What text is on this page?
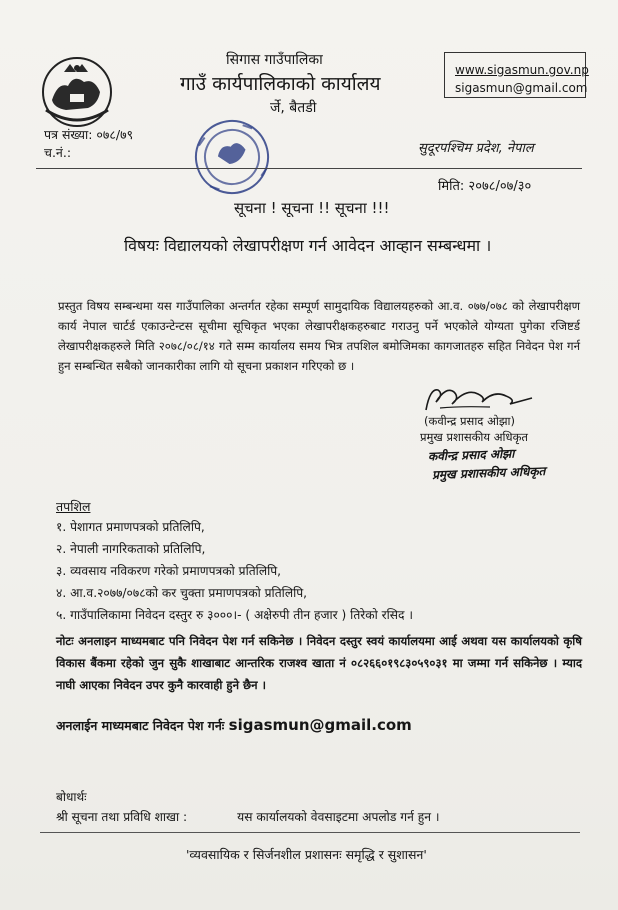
सिगास गाउँपालिका
गाउँ कार्यपालिकाको कार्यालय
र्जे, बैतडी
www.sigasmun.gov.np
sigasmun@gmail.com
पत्र संख्या: ०७८/७९
च.नं.:	सुदूरपश्चिम प्रदेश, नेपाल
मिति: २०७८/०७/३०
सूचना ! सूचना !! सूचना !!!
विषयः विद्यालयको लेखापरीक्षण गर्न आवेदन आव्हान सम्बन्धमा ।
प्रस्तुत विषय सम्बन्धमा यस गाउँपालिका अन्तर्गत रहेका सम्पूर्ण सामुदायिक विद्यालयहरुको आ.व. ०७७/०७८ को लेखापरीक्षण कार्य नेपाल चार्टर्ड एकाउन्टेन्टस सूचीमा सूचिकृत भएका लेखापरीक्षकहरुबाट गराउनु पर्ने भएकोले योग्यता पुगेका रजिष्टर्ड लेखापरीक्षकहरुले मिति २०७८/०८/१४ गते सम्म कार्यालय समय भित्र तपशिल बमोजिमका कागजातहरु सहित निवेदन पेश गर्न हुन सम्बन्धित सबैको जानकारीका लागि यो सूचना प्रकाशन गरिएको छ ।
(कवीन्द्र प्रसाद ओझा)
प्रमुख प्रशासकीय अधिकृत
कवीन्द्र प्रसाद ओझा
प्रमुख प्रशासकीय अधिकृत
तपशिल
१. पेशागत प्रमाणपत्रको प्रतिलिपि,
२. नेपाली नागरिकताको प्रतिलिपि,
३. व्यवसाय नविकरण गरेको प्रमाणपत्रको प्रतिलिपि,
४. आ.व.२०७७/०७८को कर चुक्ता प्रमाणपत्रको प्रतिलिपि,
५. गाउँपालिकामा निवेदन दस्तुर रु ३०००।- ( अक्षेरुपी तीन हजार ) तिरेको रसिद ।
नोटः अनलाइन माध्यमबाट पनि निवेदन पेश गर्न सकिनेछ । निवेदन दस्तुर स्वयं कार्यालयमा आई अथवा यस कार्यालयको कृषि विकास बैंकमा रहेको जुन सुकै शाखाबाट आन्तरिक राजश्व खाता नं ०८२६६०१९८३०५९०३१ मा जम्मा गर्न सकिनेछ । म्याद नाघी आएका निवेदन उपर कुनै कारवाही हुने छैन ।
अनलाईन माध्यमबाट निवेदन पेश गर्नः sigasmun@gmail.com
बोधार्थः
श्री सूचना तथा प्रविधि शाखा :	यस कार्यालयको वेवसाइटमा अपलोड गर्न हुन ।
'व्यवसायिक र सिर्जनशील प्रशासनः समृद्धि र सुशासन'
